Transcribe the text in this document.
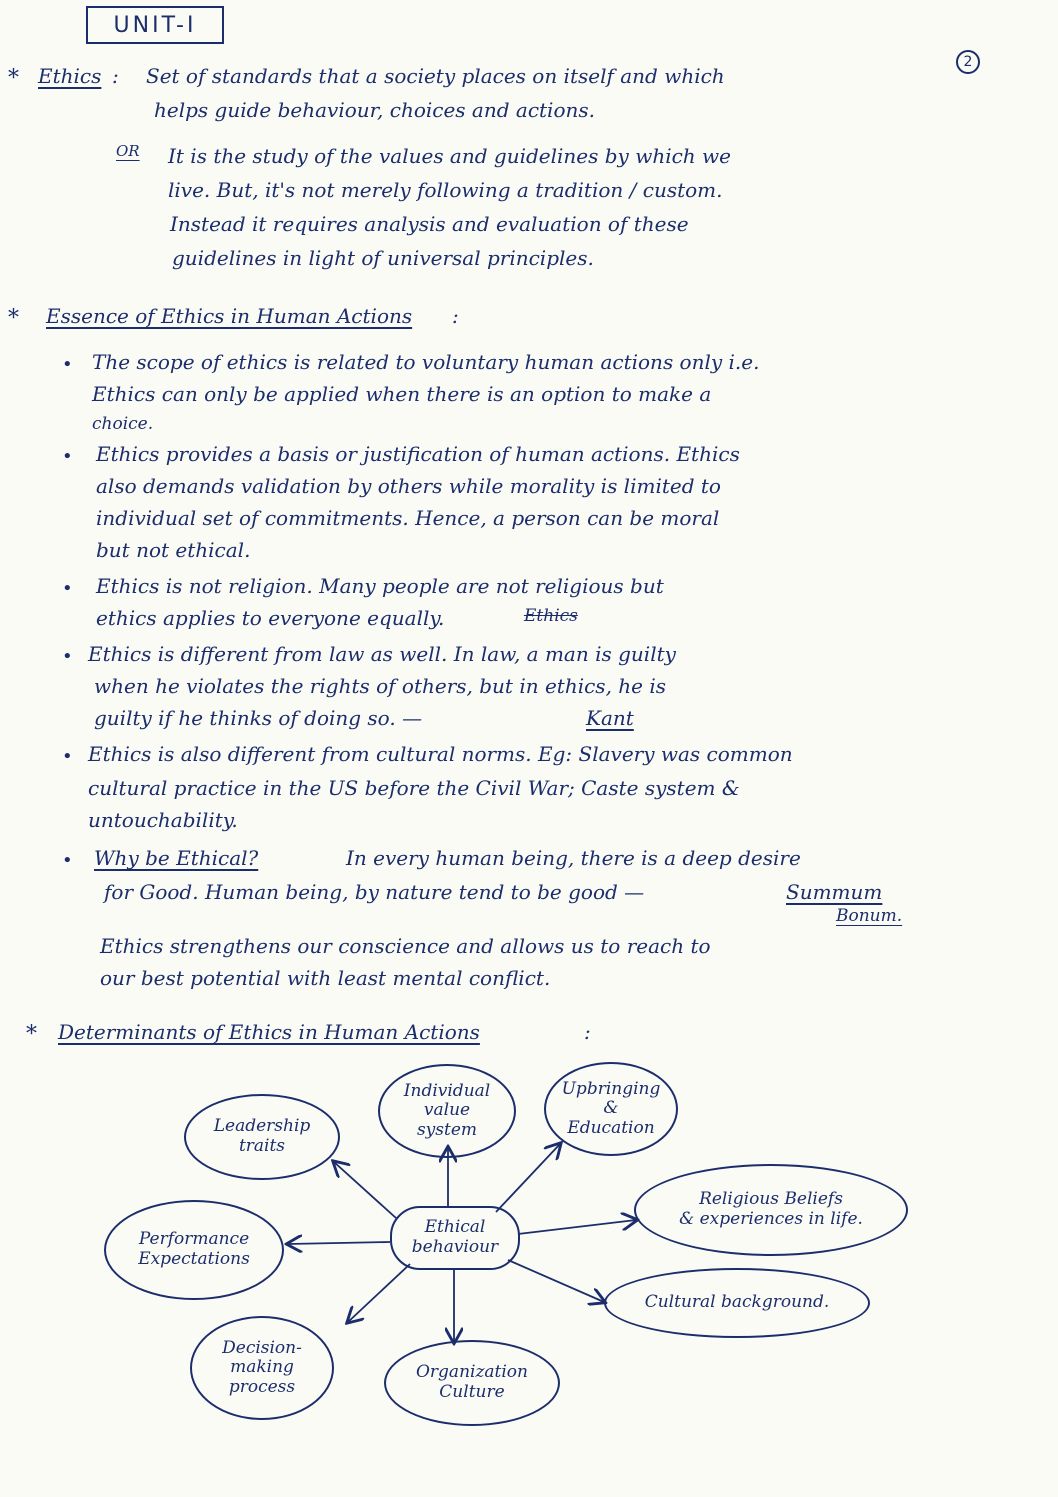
UNIT-I
2
* Ethics : Set of standards that a society places on itself and which
helps guide behaviour, choices and actions.
OR It is the study of the values and guidelines by which we
live. But, it's not merely following a tradition / custom.
Instead it requires analysis and evaluation of these
guidelines in light of universal principles.
* Essence of Ethics in Human Actions :
• The scope of ethics is related to voluntary human actions only i.e.
Ethics can only be applied when there is an option to make a
choice.
• Ethics provides a basis or justification of human actions. Ethics
also demands validation by others while morality is limited to
individual set of commitments. Hence, a person can be moral
but not ethical.
• Ethics is not religion. Many people are not religious but
ethics applies to everyone equally.	Ethics
• Ethics is different from law as well. In law, a man is guilty
when he violates the rights of others, but in ethics, he is
guilty if he thinks of doing so. —	Kant
• Ethics is also different from cultural norms. Eg: Slavery was common
cultural practice in the US before the Civil War; Caste system &
untouchability.
• Why be Ethical?	In every human being, there is a deep desire
for Good. Human being, by nature tend to be good —	Summum
Bonum.
Ethics strengthens our conscience and allows us to reach to
our best potential with least mental conflict.
* Determinants of Ethics in Human Actions	:
Ethical
behaviour
Leadership
traits
Individual
value
system
Upbringing
&
Education
Religious Beliefs
& experiences in life.
Cultural background.
Organization
Culture
Decision-
making
process
Performance
Expectations
